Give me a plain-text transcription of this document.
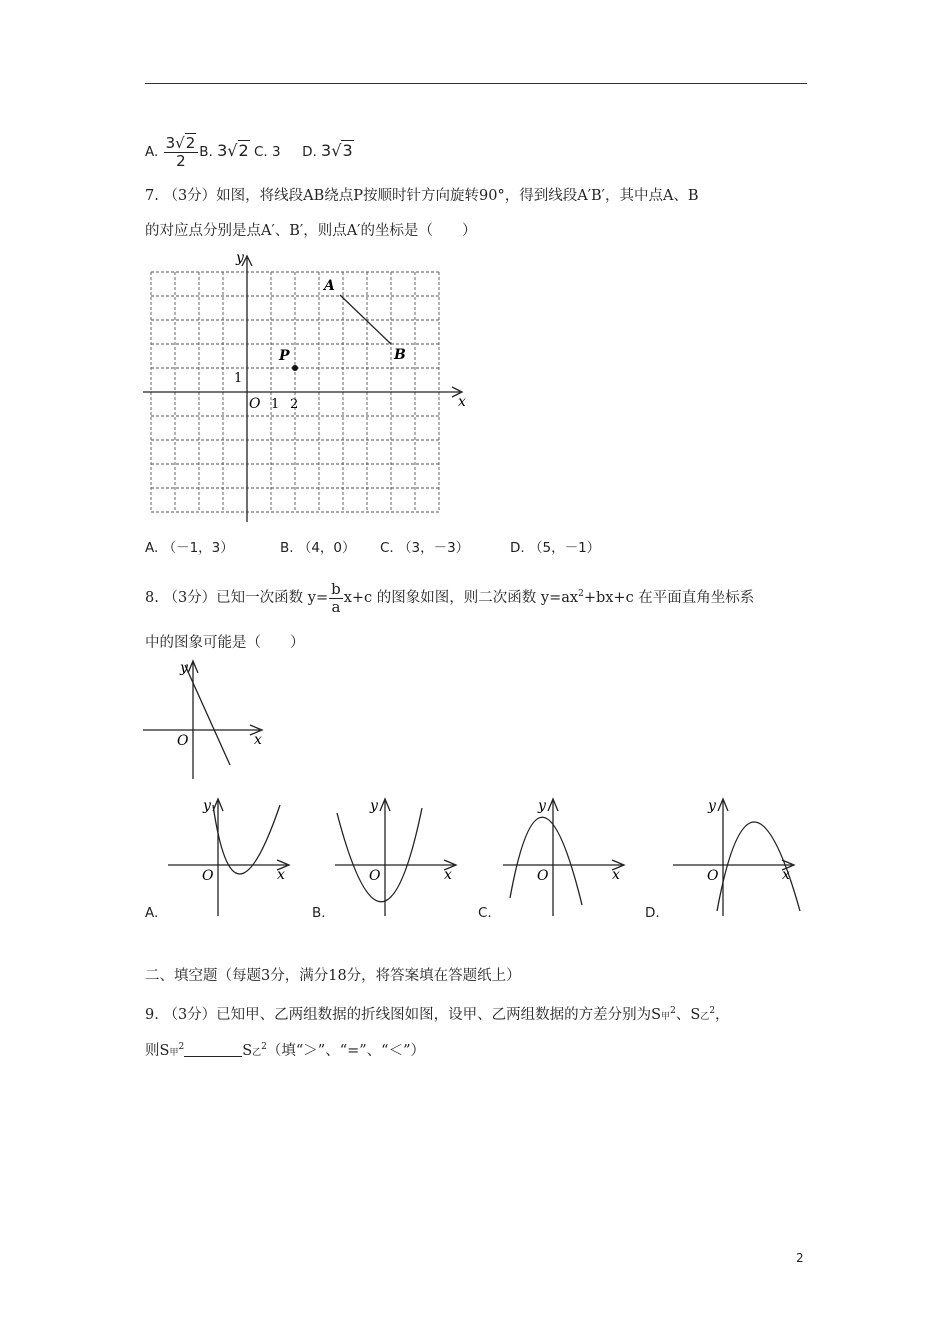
A. $\frac{3√2}{2} B$. 3√2 C. 3 D. 3√3
7. （3分）如图，将线段AB绕点P按顺时针方向旋转90°，得到线段A′B′，其中点A、B
的对应点分别是点A′、B′，则点A′的坐标是（　　）
y
x
A
B
P
O 1 2
1
A. （－1，3）	B. （4，0） C. （3，－3）	D. （5，－1）
8. （3分）已知一次函数 $y= \frac{b}{a} x+c$ 的图象如图，则二次函数 $y=ax^2+bx+c$ 在平面直角坐标系
中的图象可能是（　　）
y
x
O
y
x
O
A.
y
x
O
B.
y
x
O
C.
y
x
O
D.
二、填空题（每题3分，满分18分，将答案填在答题纸上）
9. （3分）已知甲、乙两组数据的折线图如图，设甲、乙两组数据的方差分别为S甲$^2$、S乙$^2$，
则S甲$^2$	S乙$^2$（填“＞”、“=”、“＜”）
2
